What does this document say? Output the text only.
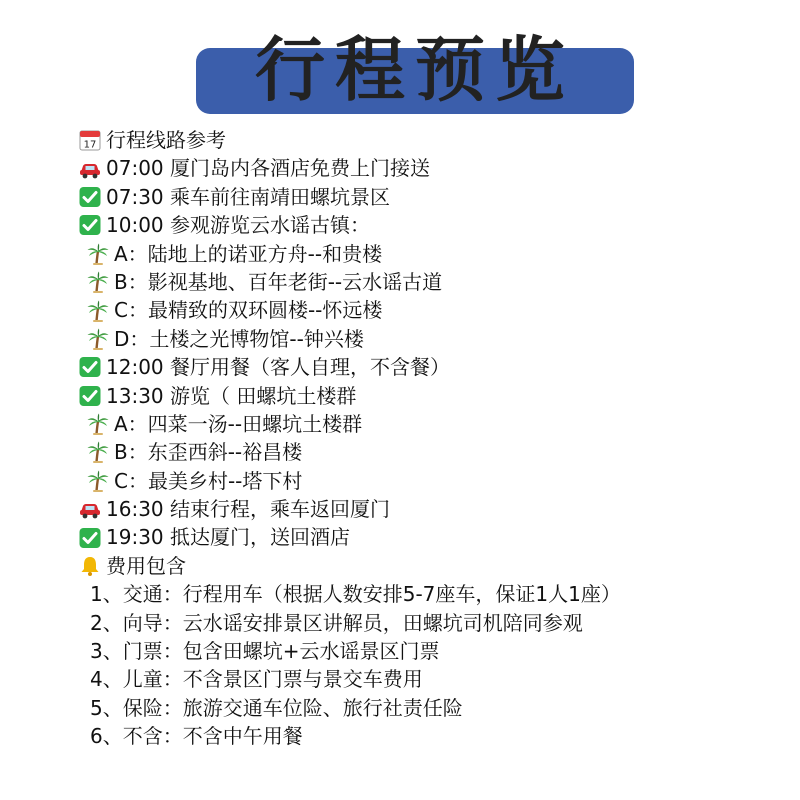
行程预览
17 行程线路参考
07:00 厦门岛内各酒店免费上门接送
07:30 乘车前往南靖田螺坑景区
10:00 参观游览云水谣古镇：
A：陆地上的诺亚方舟--和贵楼
B：影视基地、百年老街--云水谣古道
C：最精致的双环圆楼--怀远楼
D：土楼之光博物馆--钟兴楼
12:00 餐厅用餐（客人自理，不含餐）
13:30 游览（ 田螺坑土楼群
A：四菜一汤--田螺坑土楼群
B：东歪西斜--裕昌楼
C：最美乡村--塔下村
16:30 结束行程，乘车返回厦门
19:30 抵达厦门，送回酒店
费用包含
1、交通：行程用车（根据人数安排5-7座车，保证1人1座）
2、向导：云水谣安排景区讲解员，田螺坑司机陪同参观
3、门票：包含田螺坑+云水谣景区门票
4、儿童：不含景区门票与景交车费用
5、保险：旅游交通车位险、旅行社责任险
6、不含：不含中午用餐
